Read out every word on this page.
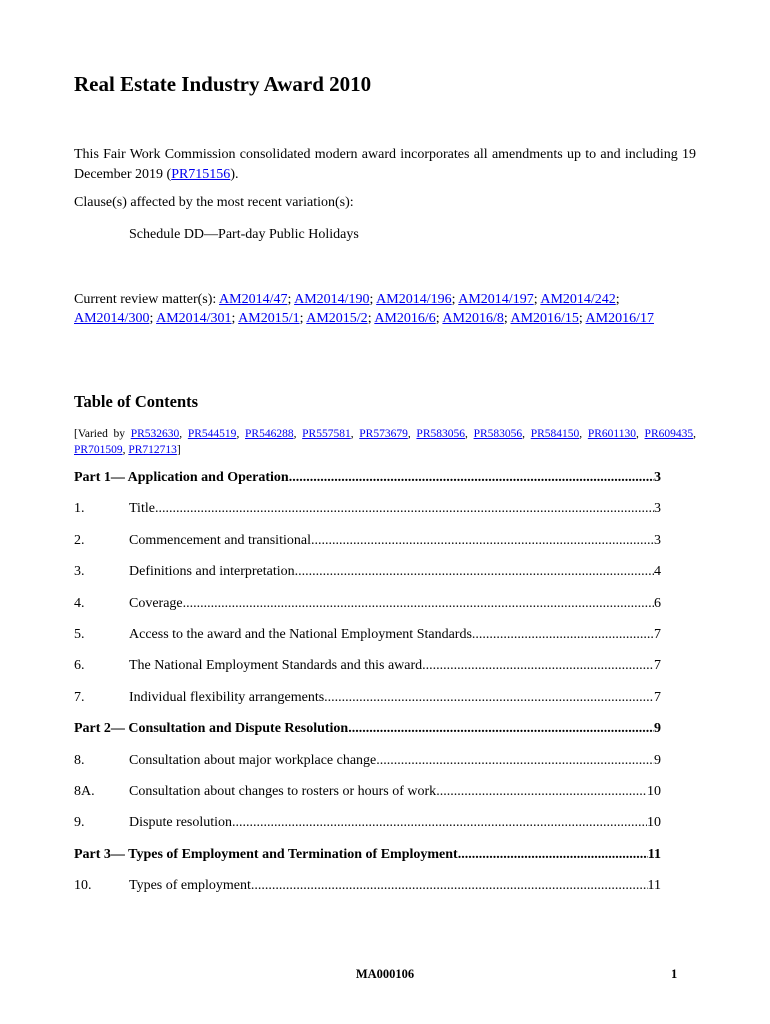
Real Estate Industry Award 2010

This Fair Work Commission consolidated modern award incorporates all amendments up to and including 19 December 2019 (PR715156).

Clause(s) affected by the most recent variation(s):

Schedule DD—Part-day Public Holidays

Current review matter(s): AM2014/47; AM2014/190; AM2014/196; AM2014/197; AM2014/242; AM2014/300; AM2014/301; AM2015/1; AM2015/2; AM2016/6; AM2016/8; AM2016/15; AM2016/17

Table of Contents

[Varied by PR532630, PR544519, PR546288, PR557581, PR573679, PR583056, PR583056, PR584150, PR601130, PR609435, PR701509, PR712713]

Part 1— Application and Operation .....	3
1.	Title .....	3
2.	Commencement and transitional .....	3
3.	Definitions and interpretation .....	4
4.	Coverage .....	6
5.	Access to the award and the National Employment Standards .....	7
6.	The National Employment Standards and this award .....	7
7.	Individual flexibility arrangements .....	7
Part 2— Consultation and Dispute Resolution .....	9
8.	Consultation about major workplace change .....	9
8A.	Consultation about changes to rosters or hours of work .....	10
9.	Dispute resolution .....	10
Part 3— Types of Employment and Termination of Employment .....	11
10.	Types of employment .....	11
MA000106	1
